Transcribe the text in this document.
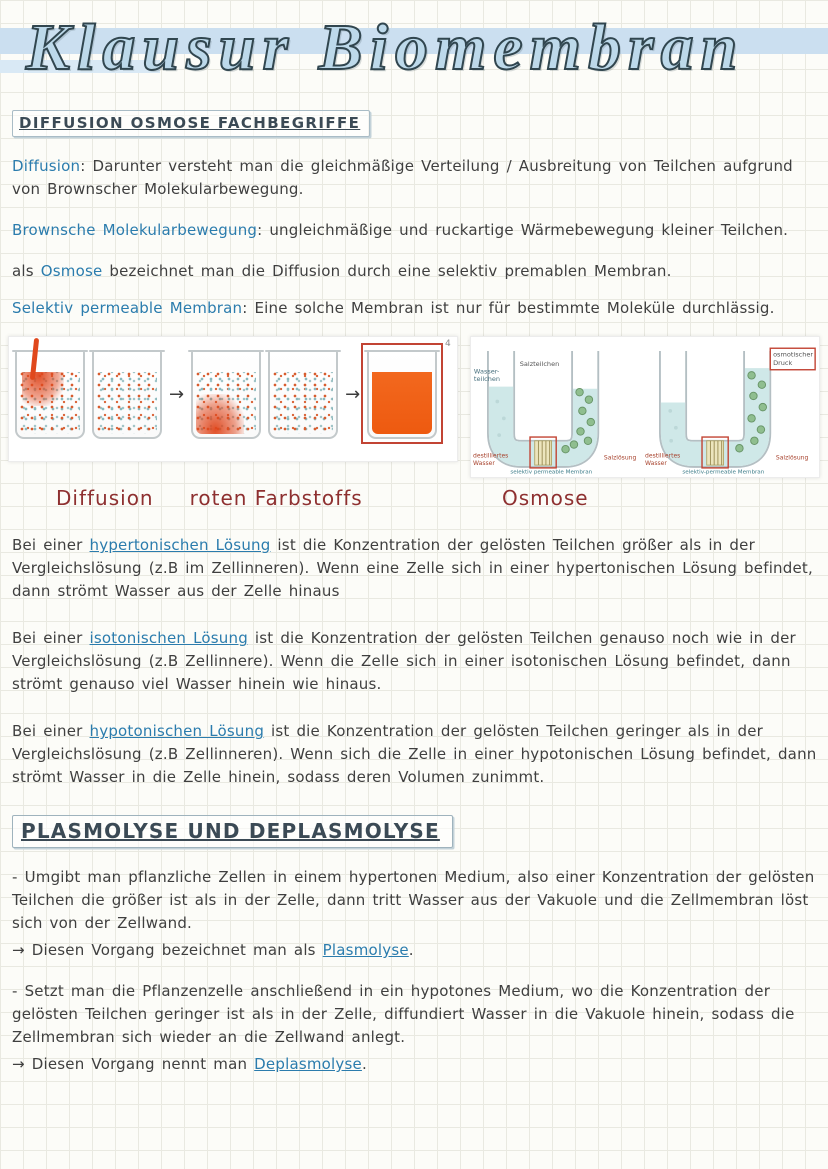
Klausur Biomembran
DIFFUSION OSMOSE FACHBEGRIFFE

Diffusion: Darunter versteht man die gleichmäßige Verteilung / Ausbreitung von Teilchen aufgrund von Brownscher Molekularbewegung.

Brownsche Molekularbewegung: ungleichmäßige und ruckartige Wärmebewegung kleiner Teilchen.

als Osmose bezeichnet man die Diffusion durch eine selektiv premablen Membran.

Selektiv permeable Membran: Eine solche Membran ist nur für bestimmte Moleküle durchlässig.

4
→	→
Wasser-
teilchen
Salzteilchen
destilliertes
Wasser
Salzlösung
selektiv permeable Membran
osmotischer
Druck
destilliertes
Wasser
Salzlösung
selektiv-permeable Membran
Diffusion roten Farbstoffs	Osmose

Bei einer hypertonischen Lösung ist die Konzentration der gelösten Teilchen größer als in der Vergleichslösung (z.B im Zellinneren). Wenn eine Zelle sich in einer hypertonischen Lösung befindet, dann strömt Wasser aus der Zelle hinaus

Bei einer isotonischen Lösung ist die Konzentration der gelösten Teilchen genauso noch wie in der Vergleichslösung (z.B Zellinnere). Wenn die Zelle sich in einer isotonischen Lösung befindet, dann strömt genauso viel Wasser hinein wie hinaus.

Bei einer hypotonischen Lösung ist die Konzentration der gelösten Teilchen geringer als in der Vergleichslösung (z.B Zellinneren). Wenn sich die Zelle in einer hypotonischen Lösung befindet, dann strömt Wasser in die Zelle hinein, sodass deren Volumen zunimmt.

PLASMOLYSE UND DEPLASMOLYSE

- Umgibt man pflanzliche Zellen in einem hypertonen Medium, also einer Konzentration der gelösten Teilchen die größer ist als in der Zelle, dann tritt Wasser aus der Vakuole und die Zellmembran löst sich von der Zellwand.

→ Diesen Vorgang bezeichnet man als Plasmolyse.

- Setzt man die Pflanzenzelle anschließend in ein hypotones Medium, wo die Konzentration der gelösten Teilchen geringer ist als in der Zelle, diffundiert Wasser in die Vakuole hinein, sodass die Zellmembran sich wieder an die Zellwand anlegt.

→ Diesen Vorgang nennt man Deplasmolyse.
